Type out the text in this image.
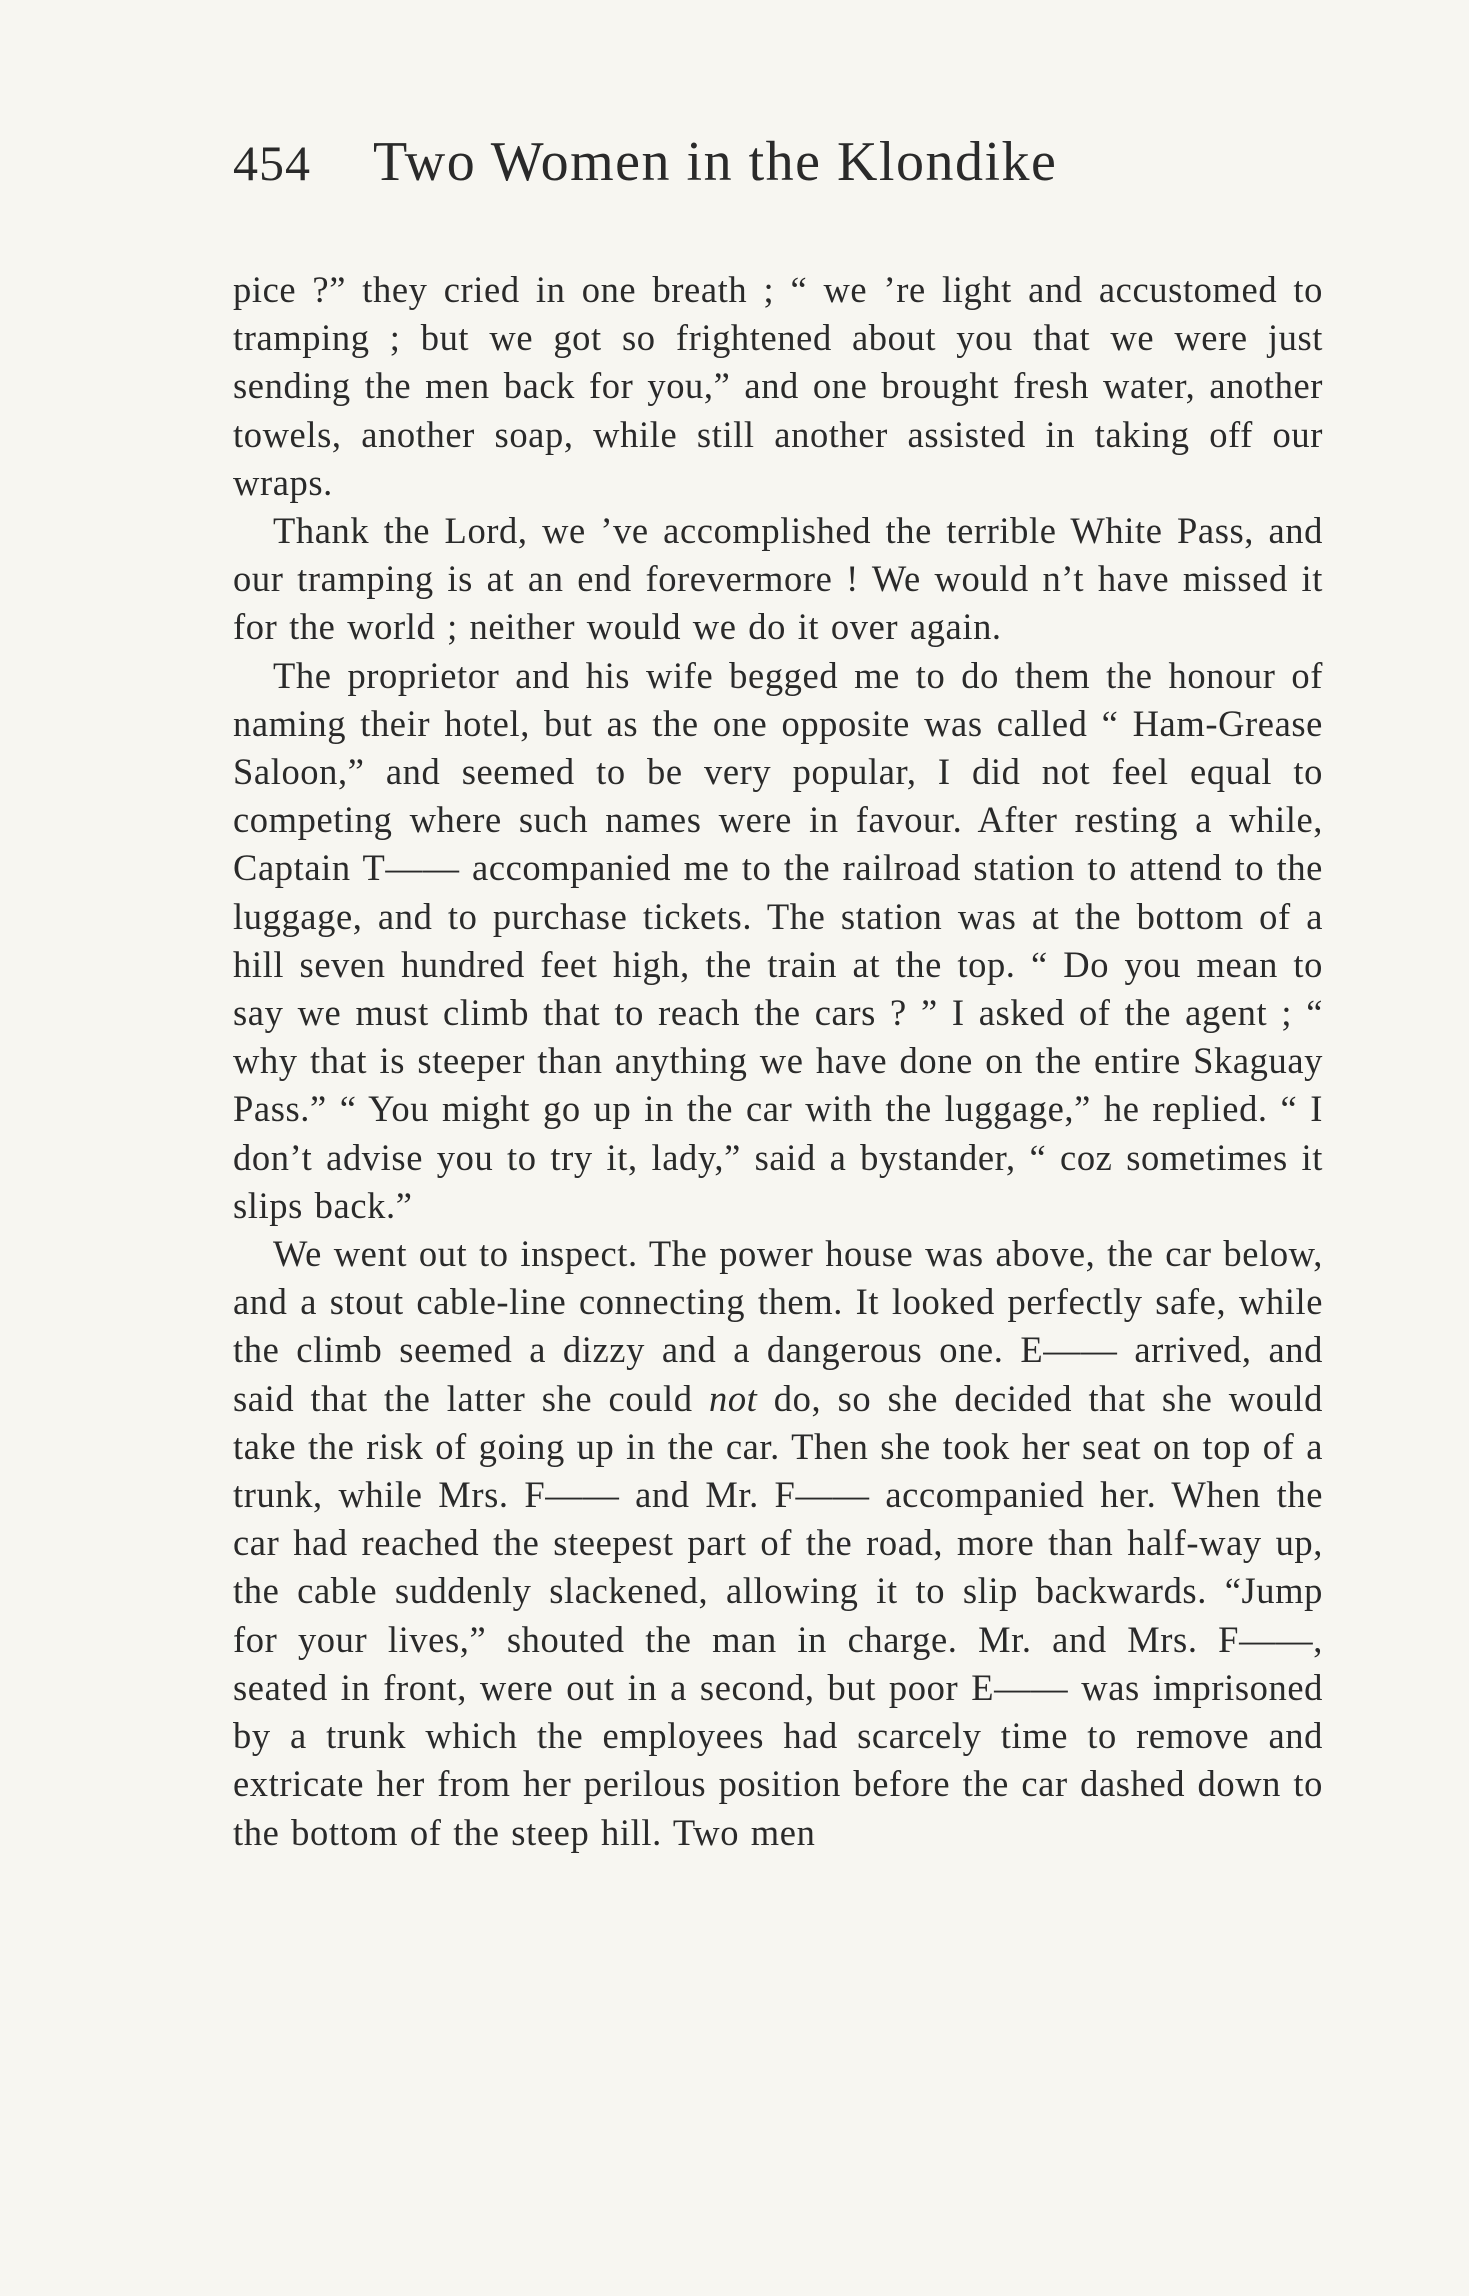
454	Two Women in the Klondike

pice ?” they cried in one breath ; “ we ’re light and accustomed to tramping ; but we got so frightened about you that we were just sending the men back for you,” and one brought fresh water, another towels, another soap, while still another assisted in taking off our wraps.

Thank the Lord, we ’ve accomplished the terrible White Pass, and our tramping is at an end forevermore ! We would n’t have missed it for the world ; neither would we do it over again.

The proprietor and his wife begged me to do them the honour of naming their hotel, but as the one opposite was called “ Ham-Grease Saloon,” and seemed to be very popular, I did not feel equal to competing where such names were in favour. After resting a while, Captain T—— accompanied me to the railroad station to attend to the luggage, and to purchase tickets. The station was at the bottom of a hill seven hundred feet high, the train at the top. “ Do you mean to say we must climb that to reach the cars ? ” I asked of the agent ; “ why that is steeper than anything we have done on the entire Skaguay Pass.” “ You might go up in the car with the luggage,” he replied. “ I don’t advise you to try it, lady,” said a bystander, “ coz sometimes it slips back.”

We went out to inspect. The power house was above, the car below, and a stout cable-line connecting them. It looked perfectly safe, while the climb seemed a dizzy and a dangerous one. E—— arrived, and said that the latter she could not do, so she decided that she would take the risk of going up in the car. Then she took her seat on top of a trunk, while Mrs. F—— and Mr. F—— accompanied her. When the car had reached the steepest part of the road, more than half-way up, the cable suddenly slackened, allowing it to slip backwards. “Jump for your lives,” shouted the man in charge. Mr. and Mrs. F——, seated in front, were out in a second, but poor E—— was imprisoned by a trunk which the employees had scarcely time to remove and extricate her from her perilous position before the car dashed down to the bottom of the steep hill. Two men
